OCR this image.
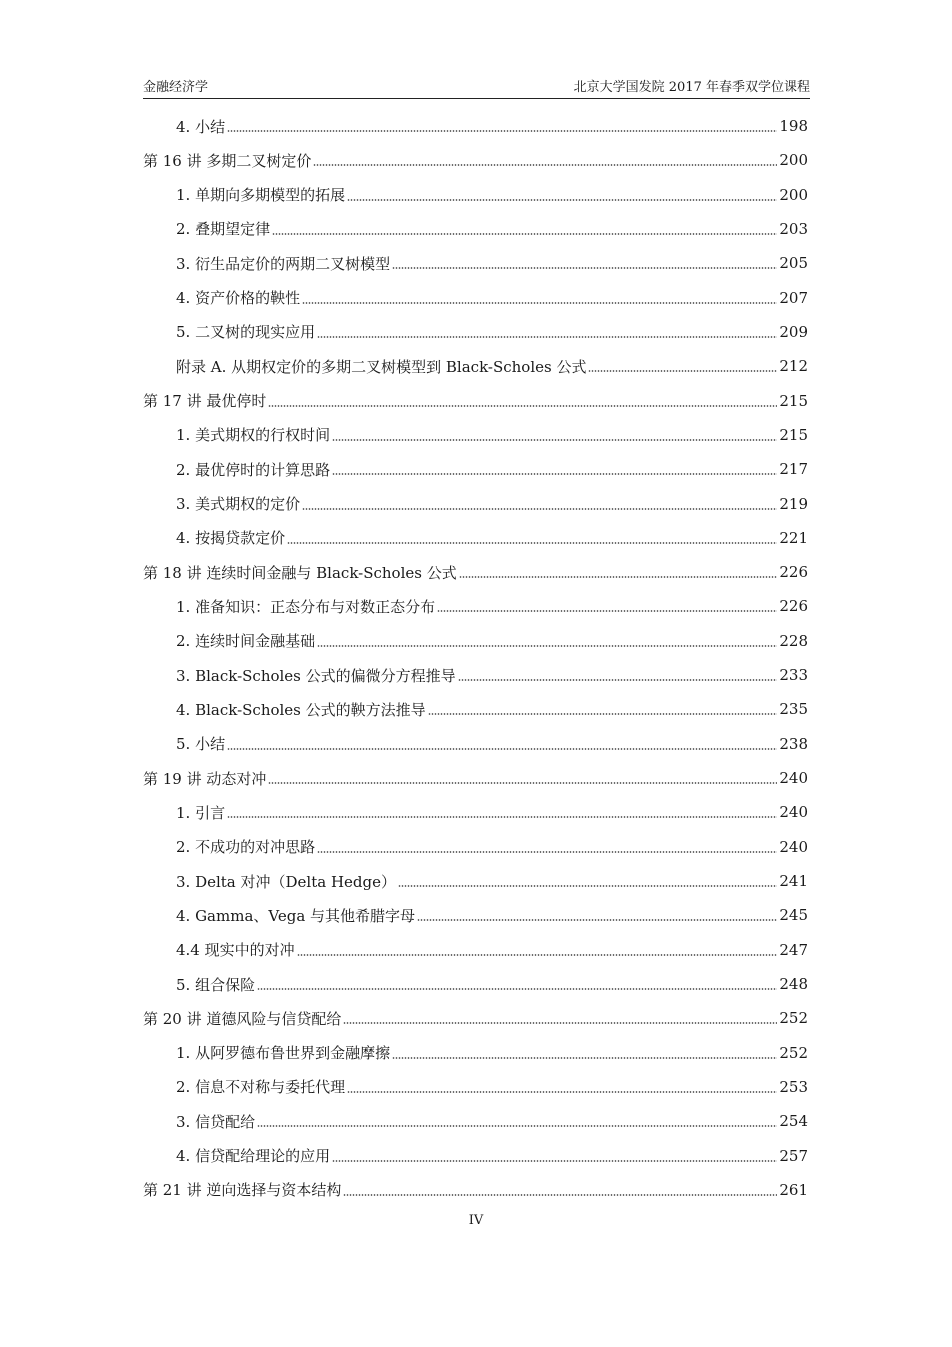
金融经济学	北京大学国发院 2017 年春季双学位课程
4. 小结	198
第 16 讲 多期二叉树定价	200
1. 单期向多期模型的拓展	200
2. 叠期望定律	203
3. 衍生品定价的两期二叉树模型	205
4. 资产价格的鞅性	207
5. 二叉树的现实应用	209
附录 A. 从期权定价的多期二叉树模型到 Black-Scholes 公式	212
第 17 讲 最优停时	215
1. 美式期权的行权时间	215
2. 最优停时的计算思路	217
3. 美式期权的定价	219
4. 按揭贷款定价	221
第 18 讲 连续时间金融与 Black-Scholes 公式	226
1. 准备知识：正态分布与对数正态分布	226
2. 连续时间金融基础	228
3. Black-Scholes 公式的偏微分方程推导	233
4. Black-Scholes 公式的鞅方法推导	235
5. 小结	238
第 19 讲 动态对冲	240
1. 引言	240
2. 不成功的对冲思路	240
3. Delta 对冲（Delta Hedge）	241
4. Gamma、Vega 与其他希腊字母	245
4.4 现实中的对冲	247
5. 组合保险	248
第 20 讲 道德风险与信贷配给	252
1. 从阿罗德布鲁世界到金融摩擦	252
2. 信息不对称与委托代理	253
3. 信贷配给	254
4. 信贷配给理论的应用	257
第 21 讲 逆向选择与资本结构	261
IV
